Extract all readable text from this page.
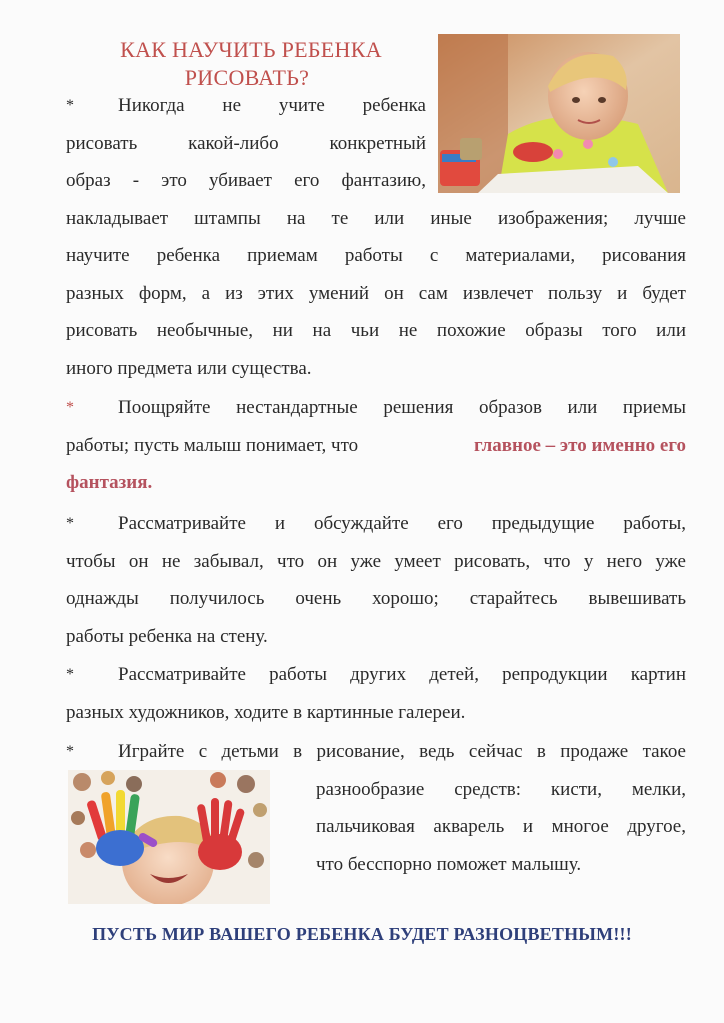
КАК НАУЧИТЬ РЕБЕНКА
РИСОВАТЬ?
*	Никогда не учите ребенка
рисовать какой-либо конкретный
образ - это убивает его фантазию,
накладывает штампы на те или иные изображения; лучше
научите ребенка приемам работы с материалами, рисования
разных форм, а из этих умений он сам извлечет пользу и будет
рисовать необычные, ни на чьи не похожие образы того или
иного предмета или существа.
*	Поощряйте нестандартные решения образов или приемы
работы; пусть малыш понимает, что	главное – это именно его
фантазия.
*	Рассматривайте и обсуждайте его предыдущие работы,
чтобы он не забывал, что он уже умеет рисовать, что у него уже
однажды получилось очень хорошо; старайтесь вывешивать
работы ребенка на стену.
*	Рассматривайте работы других детей, репродукции картин
разных художников, ходите в картинные галереи.
*	Играйте с детьми в рисование, ведь сейчас в продаже такое
разнообразие средств: кисти, мелки,
пальчиковая акварель и многое другое,
что бесспорно поможет малышу.
ПУСТЬ МИР ВАШЕГО РЕБЕНКА БУДЕТ РАЗНОЦВЕТНЫМ!!!
